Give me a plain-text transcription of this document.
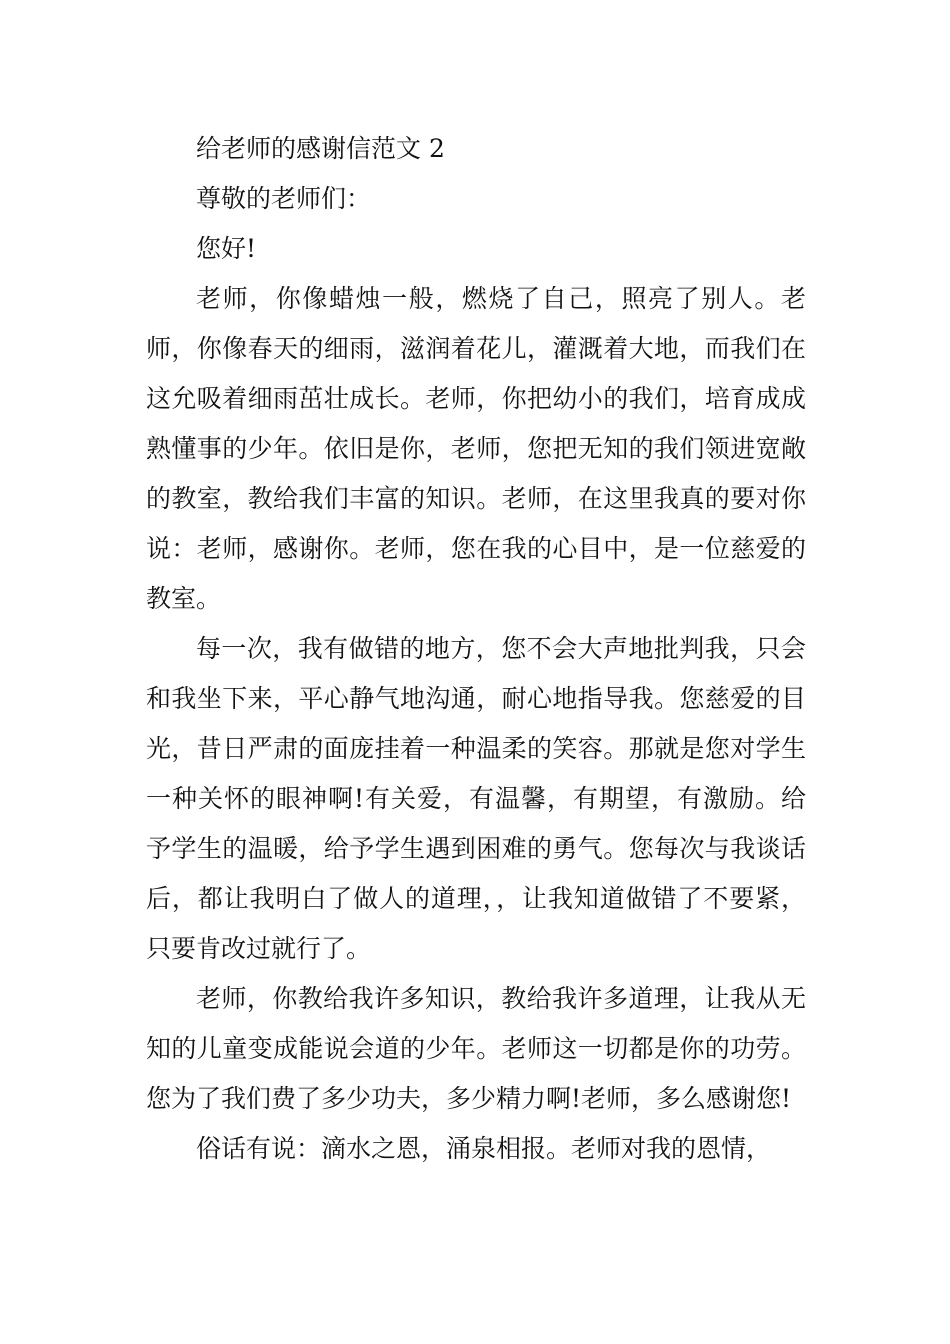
给老师的感谢信范文 2

尊敬的老师们：

您好!

老师，你像蜡烛一般，燃烧了自己，照亮了别人。老师，你像春天的细雨，滋润着花儿，灌溉着大地，而我们在这允吸着细雨茁壮成长。老师，你把幼小的我们，培育成成熟懂事的少年。依旧是你，老师，您把无知的我们领进宽敞的教室，教给我们丰富的知识。老师，在这里我真的要对你说：老师，感谢你。老师，您在我的心目中，是一位慈爱的教室。

每一次，我有做错的地方，您不会大声地批判我，只会和我坐下来，平心静气地沟通，耐心地指导我。您慈爱的目光，昔日严肃的面庞挂着一种温柔的笑容。那就是您对学生一种关怀的眼神啊!有关爱，有温馨，有期望，有激励。给予学生的温暖，给予学生遇到困难的勇气。您每次与我谈话后，都让我明白了做人的道理，，让我知道做错了不要紧，只要肯改过就行了。

老师，你教给我许多知识，教给我许多道理，让我从无知的儿童变成能说会道的少年。老师这一切都是你的功劳。您为了我们费了多少功夫，多少精力啊!老师，多么感谢您!

俗话有说：滴水之恩，涌泉相报。老师对我的恩情，
